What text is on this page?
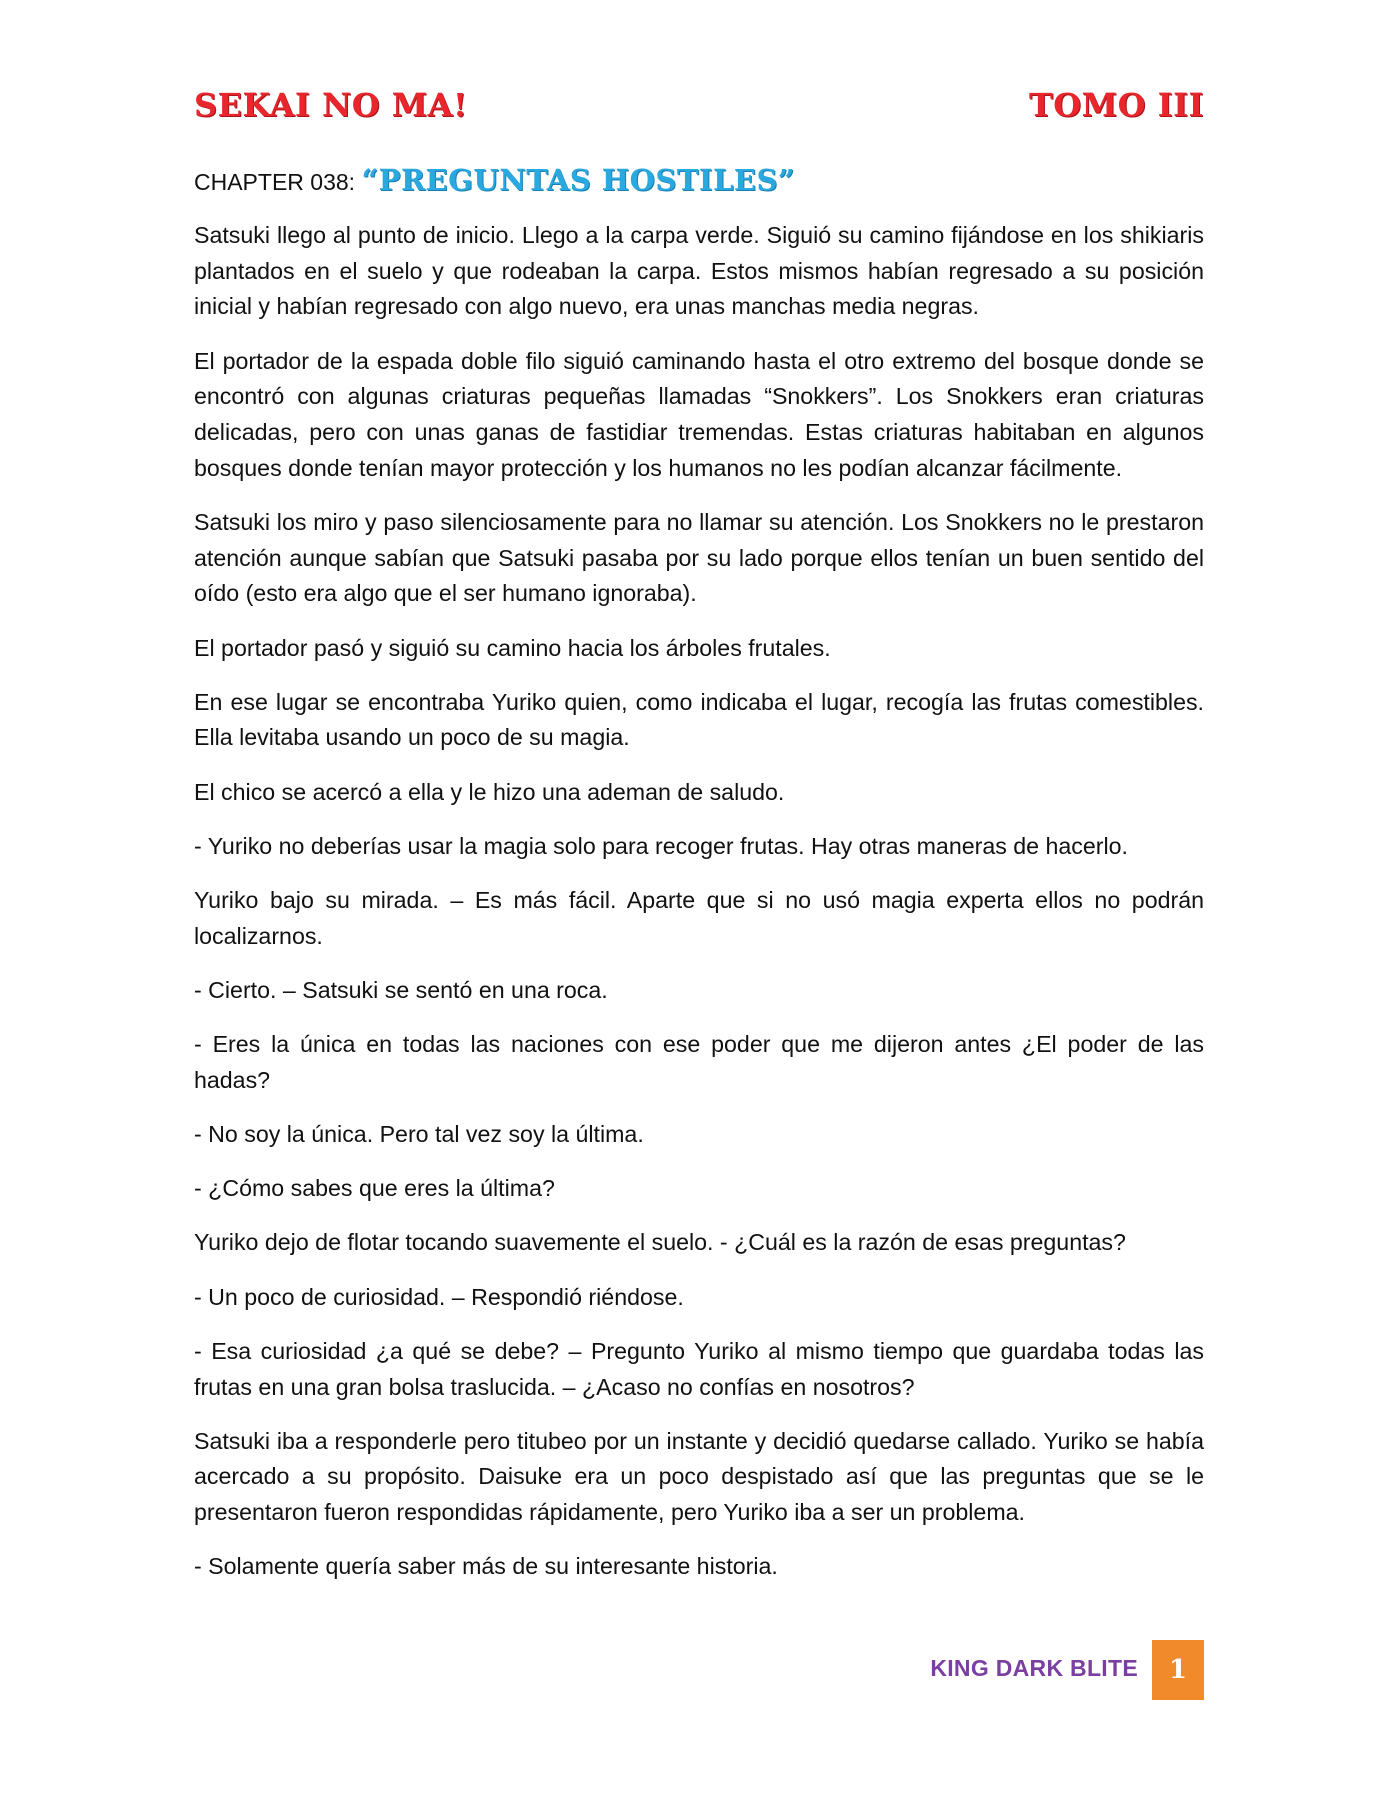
SEKAI NO MA!	TOMO III
CHAPTER 038: “PREGUNTAS HOSTILES”

Satsuki llego al punto de inicio. Llego a la carpa verde. Siguió su camino fijándose en los shikiaris plantados en el suelo y que rodeaban la carpa. Estos mismos habían regresado a su posición inicial y habían regresado con algo nuevo, era unas manchas media negras.

El portador de la espada doble filo siguió caminando hasta el otro extremo del bosque donde se encontró con algunas criaturas pequeñas llamadas “Snokkers”. Los Snokkers eran criaturas delicadas, pero con unas ganas de fastidiar tremendas. Estas criaturas habitaban en algunos bosques donde tenían mayor protección y los humanos no les podían alcanzar fácilmente.

Satsuki los miro y paso silenciosamente para no llamar su atención. Los Snokkers no le prestaron atención aunque sabían que Satsuki pasaba por su lado porque ellos tenían un buen sentido del oído (esto era algo que el ser humano ignoraba).

El portador pasó y siguió su camino hacia los árboles frutales.

En ese lugar se encontraba Yuriko quien, como indicaba el lugar, recogía las frutas comestibles. Ella levitaba usando un poco de su magia.

El chico se acercó a ella y le hizo una ademan de saludo.

- Yuriko no deberías usar la magia solo para recoger frutas. Hay otras maneras de hacerlo.

Yuriko bajo su mirada. – Es más fácil. Aparte que si no usó magia experta ellos no podrán localizarnos.

- Cierto. – Satsuki se sentó en una roca.

- Eres la única en todas las naciones con ese poder que me dijeron antes ¿El poder de las hadas?

- No soy la única. Pero tal vez soy la última.

- ¿Cómo sabes que eres la última?

Yuriko dejo de flotar tocando suavemente el suelo. - ¿Cuál es la razón de esas preguntas?

- Un poco de curiosidad. – Respondió riéndose.

- Esa curiosidad ¿a qué se debe? – Pregunto Yuriko al mismo tiempo que guardaba todas las frutas en una gran bolsa traslucida. – ¿Acaso no confías en nosotros?

Satsuki iba a responderle pero titubeo por un instante y decidió quedarse callado. Yuriko se había acercado a su propósito. Daisuke era un poco despistado así que las preguntas que se le presentaron fueron respondidas rápidamente, pero Yuriko iba a ser un problema.

- Solamente quería saber más de su interesante historia.

KING DARK BLITE	1
